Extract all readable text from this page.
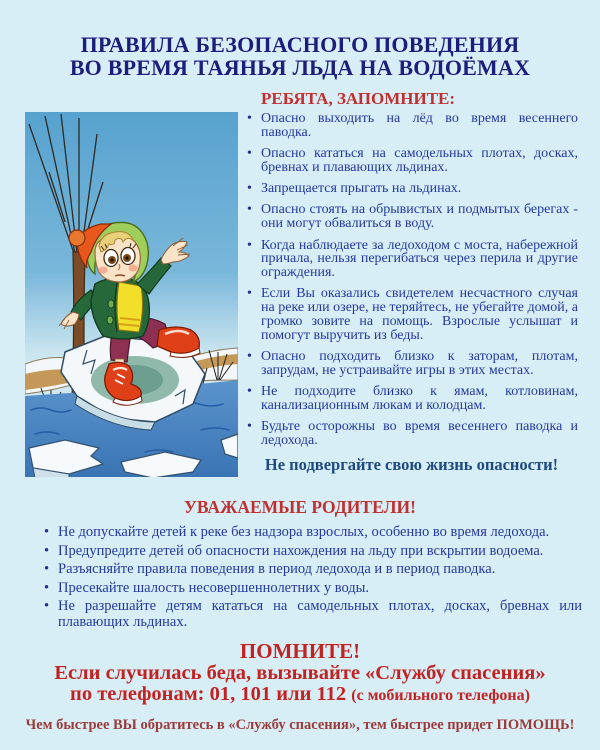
ПРАВИЛА БЕЗОПАСНОГО ПОВЕДЕНИЯ
ВО ВРЕМЯ ТАЯНЬЯ ЛЬДА НА ВОДОЁМАХ
РЕБЯТА, ЗАПОМНИТЕ:
• Опасно выходить на лёд во время весеннего паводка.
• Опасно кататься на самодельных плотах, досках, бревнах и плавающих льдинах.
• Запрещается прыгать на льдинах.
• Опасно стоять на обрывистых и подмытых берегах - они могут обвалиться в воду.
• Когда наблюдаете за ледоходом с моста, набережной причала, нельзя перегибаться через перила и другие ограждения.
• Если Вы оказались свидетелем несчастного случая на реке или озере, не теряйтесь, не убегайте домой, а громко зовите на помощь. Взрослые услышат и помогут выручить из беды.
• Опасно подходить близко к заторам, плотам, запрудам, не устраивайте игры в этих местах.
• Не подходите близко к ямам, котловинам, канализационным люкам и колодцам.
• Будьте осторожны во время весеннего паводка и ледохода.
Не подвергайте свою жизнь опасности!
УВАЖАЕМЫЕ РОДИТЕЛИ!
• Не допускайте детей к реке без надзора взрослых, особенно во время ледохода.
• Предупредите детей об опасности нахождения на льду при вскрытии водоема.
• Разъясняйте правила поведения в период ледохода и в период паводка.
• Пресекайте шалость несовершеннолетних у воды.
• Не разрешайте детям кататься на самодельных плотах, досках, бревнах или плавающих льдинах.
ПОМНИТЕ!
Если случилась беда, вызывайте «Службу спасения»
по телефонам: 01, 101 или 112 (с мобильного телефона)
Чем быстрее ВЫ обратитесь в «Службу спасения», тем быстрее придет ПОМОЩЬ!
